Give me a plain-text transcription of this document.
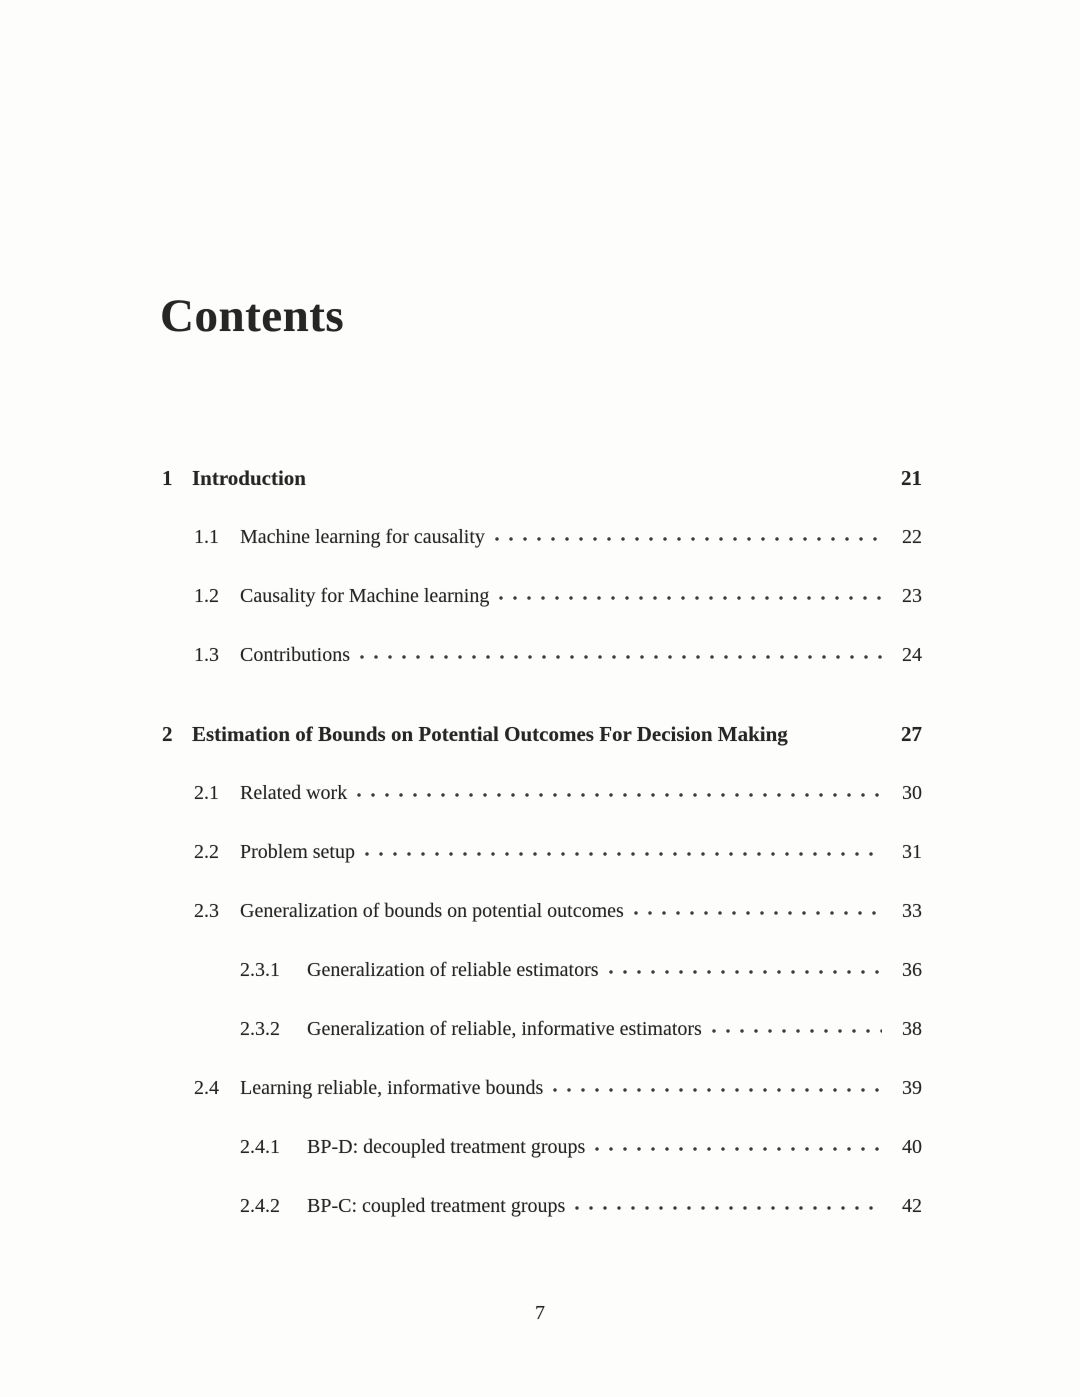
Contents
1 Introduction	21
1.1	Machine learning for causality	22
1.2	Causality for Machine learning	23
1.3	Contributions	24
2 Estimation of Bounds on Potential Outcomes For Decision Making	27
2.1	Related work	30
2.2	Problem setup	31
2.3	Generalization of bounds on potential outcomes	33
2.3.1	Generalization of reliable estimators	36
2.3.2	Generalization of reliable, informative estimators	38
2.4	Learning reliable, informative bounds	39
2.4.1	BP-D: decoupled treatment groups	40
2.4.2	BP-C: coupled treatment groups	42
7
